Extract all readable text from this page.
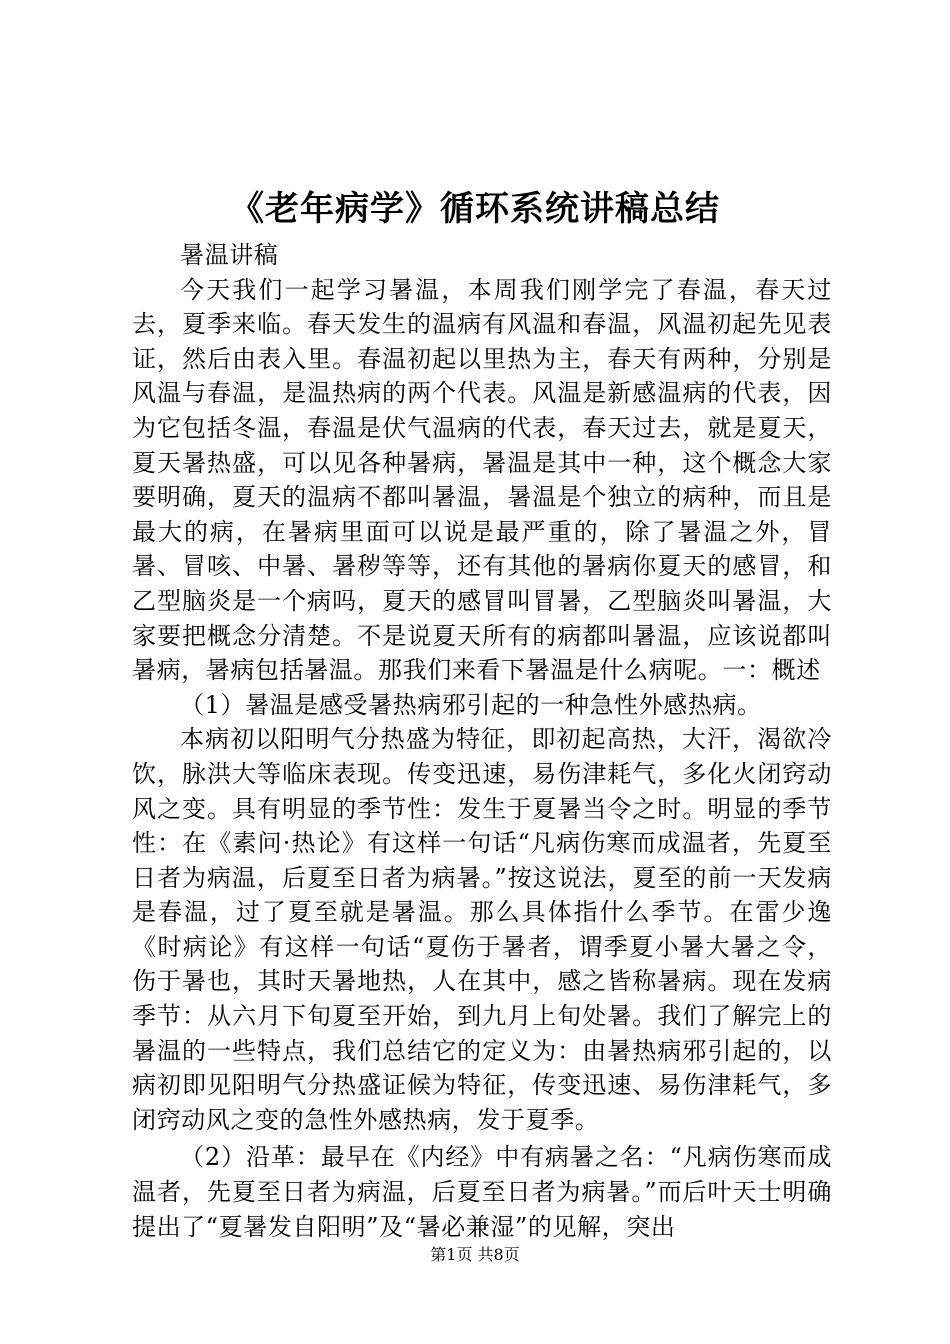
《老年病学》循环系统讲稿总结

暑温讲稿

今天我们一起学习暑温，本周我们刚学完了春温，春天过去，夏季来临。春天发生的温病有风温和春温，风温初起先见表证，然后由表入里。春温初起以里热为主，春天有两种，分别是风温与春温，是温热病的两个代表。风温是新感温病的代表，因为它包括冬温，春温是伏气温病的代表，春天过去，就是夏天，夏天暑热盛，可以见各种暑病，暑温是其中一种，这个概念大家要明确，夏天的温病不都叫暑温，暑温是个独立的病种，而且是最大的病，在暑病里面可以说是最严重的，除了暑温之外，冒暑、冒咳、中暑、暑秽等等，还有其他的暑病你夏天的感冒，和乙型脑炎是一个病吗，夏天的感冒叫冒暑，乙型脑炎叫暑温，大家要把概念分清楚。不是说夏天所有的病都叫暑温，应该说都叫暑病，暑病包括暑温。那我们来看下暑温是什么病呢。一：概述

（1）暑温是感受暑热病邪引起的一种急性外感热病。

本病初以阳明气分热盛为特征，即初起高热，大汗，渴欲冷饮，脉洪大等临床表现。传变迅速，易伤津耗气，多化火闭窍动风之变。具有明显的季节性：发生于夏暑当令之时。明显的季节性：在《素问·热论》有这样一句话“凡病伤寒而成温者，先夏至日者为病温，后夏至日者为病暑。”按这说法，夏至的前一天发病是春温，过了夏至就是暑温。那么具体指什么季节。在雷少逸《时病论》有这样一句话“夏伤于暑者，谓季夏小暑大暑之令，伤于暑也，其时天暑地热，人在其中，感之皆称暑病。现在发病季节：从六月下旬夏至开始，到九月上旬处暑。我们了解完上的暑温的一些特点，我们总结它的定义为：由暑热病邪引起的，以病初即见阳明气分热盛证候为特征，传变迅速、易伤津耗气，多闭窍动风之变的急性外感热病，发于夏季。

（2）沿革：最早在《内经》中有病暑之名：“凡病伤寒而成温者，先夏至日者为病温，后夏至日者为病暑。”而后叶天士明确提出了“夏暑发自阳明”及“暑必兼湿”的见解，突出

第1页 共8页
